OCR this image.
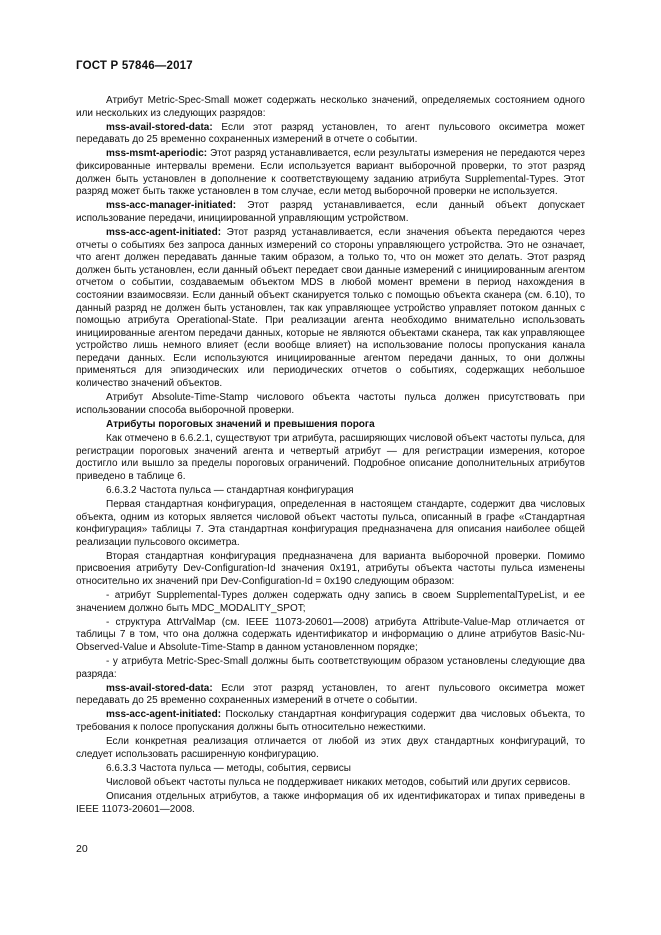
ГОСТ Р 57846—2017

Атрибут Metric-Spec-Small может содержать несколько значений, определяемых состоянием одного или нескольких из следующих разрядов:

mss-avail-stored-data: Если этот разряд установлен, то агент пульсового оксиметра может передавать до 25 временно сохраненных измерений в отчете о событии.

mss-msmt-aperiodic: Этот разряд устанавливается, если результаты измерения не передаются через фиксированные интервалы времени. Если используется вариант выборочной проверки, то этот разряд должен быть установлен в дополнение к соответствующему заданию атрибута Supplemental-Types. Этот разряд может быть также установлен в том случае, если метод выборочной проверки не используется.

mss-acc-manager-initiated: Этот разряд устанавливается, если данный объект допускает использование передачи, инициированной управляющим устройством.

mss-acc-agent-initiated: Этот разряд устанавливается, если значения объекта передаются через отчеты о событиях без запроса данных измерений со стороны управляющего устройства. Это не означает, что агент должен передавать данные таким образом, а только то, что он может это делать. Этот разряд должен быть установлен, если данный объект передает свои данные измерений с инициированным агентом отчетом о событии, создаваемым объектом MDS в любой момент времени в период нахождения в состоянии взаимосвязи. Если данный объект сканируется только с помощью объекта сканера (см. 6.10), то данный разряд не должен быть установлен, так как управляющее устройство управляет потоком данных с помощью атрибута Operational-State. При реализации агента необходимо внимательно использовать инициированные агентом передачи данных, которые не являются объектами сканера, так как управляющее устройство лишь немного влияет (если вообще влияет) на использование полосы пропускания канала передачи данных. Если используются инициированные агентом передачи данных, то они должны применяться для эпизодических или периодических отчетов о событиях, содержащих небольшое количество значений объектов.

Атрибут Absolute-Time-Stamp числового объекта частоты пульса должен присутствовать при использовании способа выборочной проверки.

Атрибуты пороговых значений и превышения порога

Как отмечено в 6.6.2.1, существуют три атрибута, расширяющих числовой объект частоты пульса, для регистрации пороговых значений агента и четвертый атрибут — для регистрации измерения, которое достигло или вышло за пределы пороговых ограничений. Подробное описание дополнительных атрибутов приведено в таблице 6.

6.6.3.2 Частота пульса — стандартная конфигурация

Первая стандартная конфигурация, определенная в настоящем стандарте, содержит два числовых объекта, одним из которых является числовой объект частоты пульса, описанный в графе «Стандартная конфигурация» таблицы 7. Эта стандартная конфигурация предназначена для описания наиболее общей реализации пульсового оксиметра.

Вторая стандартная конфигурация предназначена для варианта выборочной проверки. Помимо присвоения атрибуту Dev-Configuration-Id значения 0x191, атрибуты объекта частоты пульса изменены относительно их значений при Dev-Configuration-Id = 0x190 следующим образом:

- атрибут Supplemental-Types должен содержать одну запись в своем SupplementalTypeList, и ее значением должно быть MDC_MODALITY_SPOT;

- структура AttrValMap (см. IEEE 11073-20601—2008) атрибута Attribute-Value-Map отличается от таблицы 7 в том, что она должна содержать идентификатор и информацию о длине атрибутов Basic-Nu-Observed-Value и Absolute-Time-Stamp в данном установленном порядке;

- у атрибута Metric-Spec-Small должны быть соответствующим образом установлены следующие два разряда:

mss-avail-stored-data: Если этот разряд установлен, то агент пульсового оксиметра может передавать до 25 временно сохраненных измерений в отчете о событии.

mss-acc-agent-initiated: Поскольку стандартная конфигурация содержит два числовых объекта, то требования к полосе пропускания должны быть относительно нежесткими.

Если конкретная реализация отличается от любой из этих двух стандартных конфигураций, то следует использовать расширенную конфигурацию.

6.6.3.3 Частота пульса — методы, события, сервисы

Числовой объект частоты пульса не поддерживает никаких методов, событий или других сервисов.

Описания отдельных атрибутов, а также информация об их идентификаторах и типах приведены в IEEE 11073-20601—2008.

20
